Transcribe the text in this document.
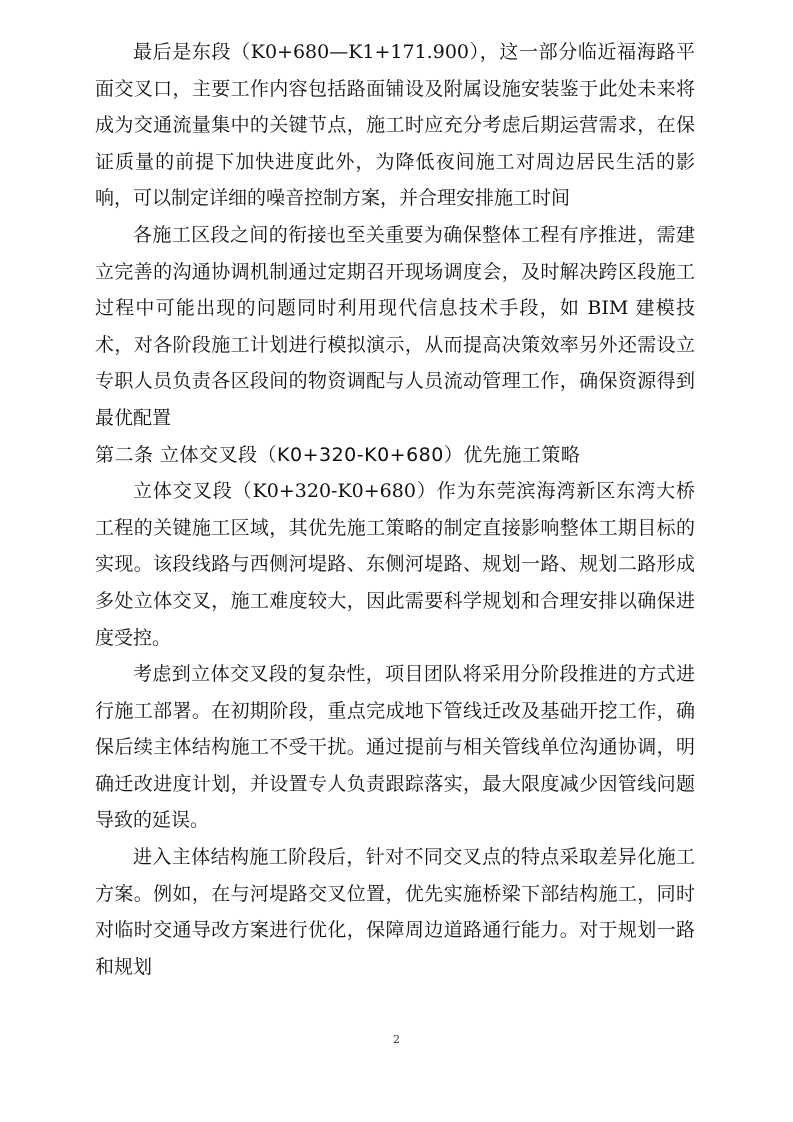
最后是东段（K0+680—K1+171.900），这一部分临近福海路平面交叉口，主要工作内容包括路面铺设及附属设施安装鉴于此处未来将成为交通流量集中的关键节点，施工时应充分考虑后期运营需求，在保证质量的前提下加快进度此外，为降低夜间施工对周边居民生活的影响，可以制定详细的噪音控制方案，并合理安排施工时间

各施工区段之间的衔接也至关重要为确保整体工程有序推进，需建立完善的沟通协调机制通过定期召开现场调度会，及时解决跨区段施工过程中可能出现的问题同时利用现代信息技术手段，如 BIM 建模技术，对各阶段施工计划进行模拟演示，从而提高决策效率另外还需设立专职人员负责各区段间的物资调配与人员流动管理工作，确保资源得到最优配置

第二条 立体交叉段（K0+320-K0+680）优先施工策略

立体交叉段（K0+320-K0+680）作为东莞滨海湾新区东湾大桥工程的关键施工区域，其优先施工策略的制定直接影响整体工期目标的实现。该段线路与西侧河堤路、东侧河堤路、规划一路、规划二路形成多处立体交叉，施工难度较大，因此需要科学规划和合理安排以确保进度受控。

考虑到立体交叉段的复杂性，项目团队将采用分阶段推进的方式进行施工部署。在初期阶段，重点完成地下管线迁改及基础开挖工作，确保后续主体结构施工不受干扰。通过提前与相关管线单位沟通协调，明确迁改进度计划，并设置专人负责跟踪落实，最大限度减少因管线问题导致的延误。

进入主体结构施工阶段后，针对不同交叉点的特点采取差异化施工方案。例如，在与河堤路交叉位置，优先实施桥梁下部结构施工，同时对临时交通导改方案进行优化，保障周边道路通行能力。对于规划一路和规划

2
